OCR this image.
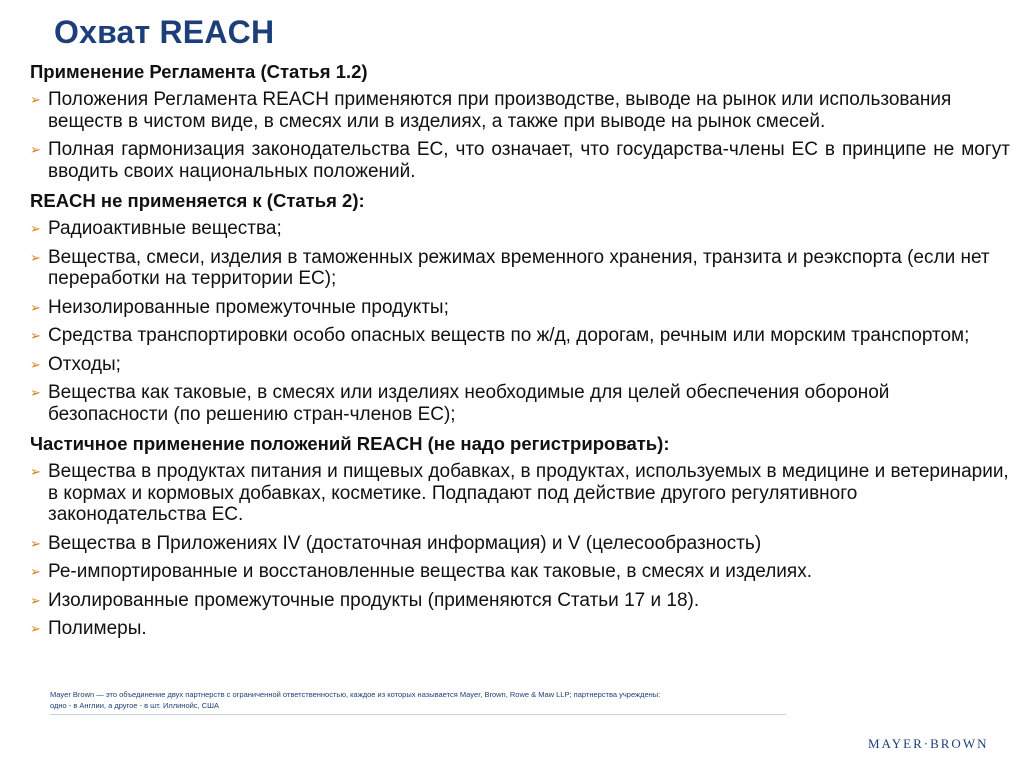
Охват REACH
Применение Регламента (Статья 1.2)
➢ Положения Регламента REACH применяются при производстве, выводе на рынок или использования веществ в чистом виде, в смесях или в изделиях, а также при выводе на рынок смесей.
➢ Полная гармонизация законодательства ЕС, что означает, что государства-члены ЕС в принципе не могут вводить своих национальных положений.
REACH не применяется к (Статья 2):
➢ Радиоактивные вещества;
➢ Вещества, смеси, изделия в таможенных режимах временного хранения, транзита и реэкспорта (если нет переработки на территории ЕС);
➢ Неизолированные промежуточные продукты;
➢ Средства транспортировки особо опасных веществ по ж/д, дорогам, речным или морским транспортом;
➢ Отходы;
➢ Вещества как таковые, в смесях или изделиях необходимые для целей обеспечения обороной безопасности (по решению стран-членов ЕС);
Частичное применение положений REACH (не надо регистрировать):
➢ Вещества в продуктах питания и пищевых добавках, в продуктах, используемых в медицине и ветеринарии, в кормах и кормовых добавках, косметике. Подпадают под действие другого регулятивного законодательства ЕС.
➢ Вещества в Приложениях IV (достаточная информация) и V (целесообразность)
➢ Ре-импортированные и восстановленные вещества как таковые, в смесях и изделиях.
➢ Изолированные промежуточные продукты (применяются Статьи 17 и 18).
➢ Полимеры.
Mayer Brown — это объединение двух партнерств с ограниченной ответственностью, каждое из которых называется Mayer, Brown, Rowe & Maw LLP; партнерства учреждены:
одно - в Англии, а другое - в шт. Иллинойс, США
MAYER·BROWN
